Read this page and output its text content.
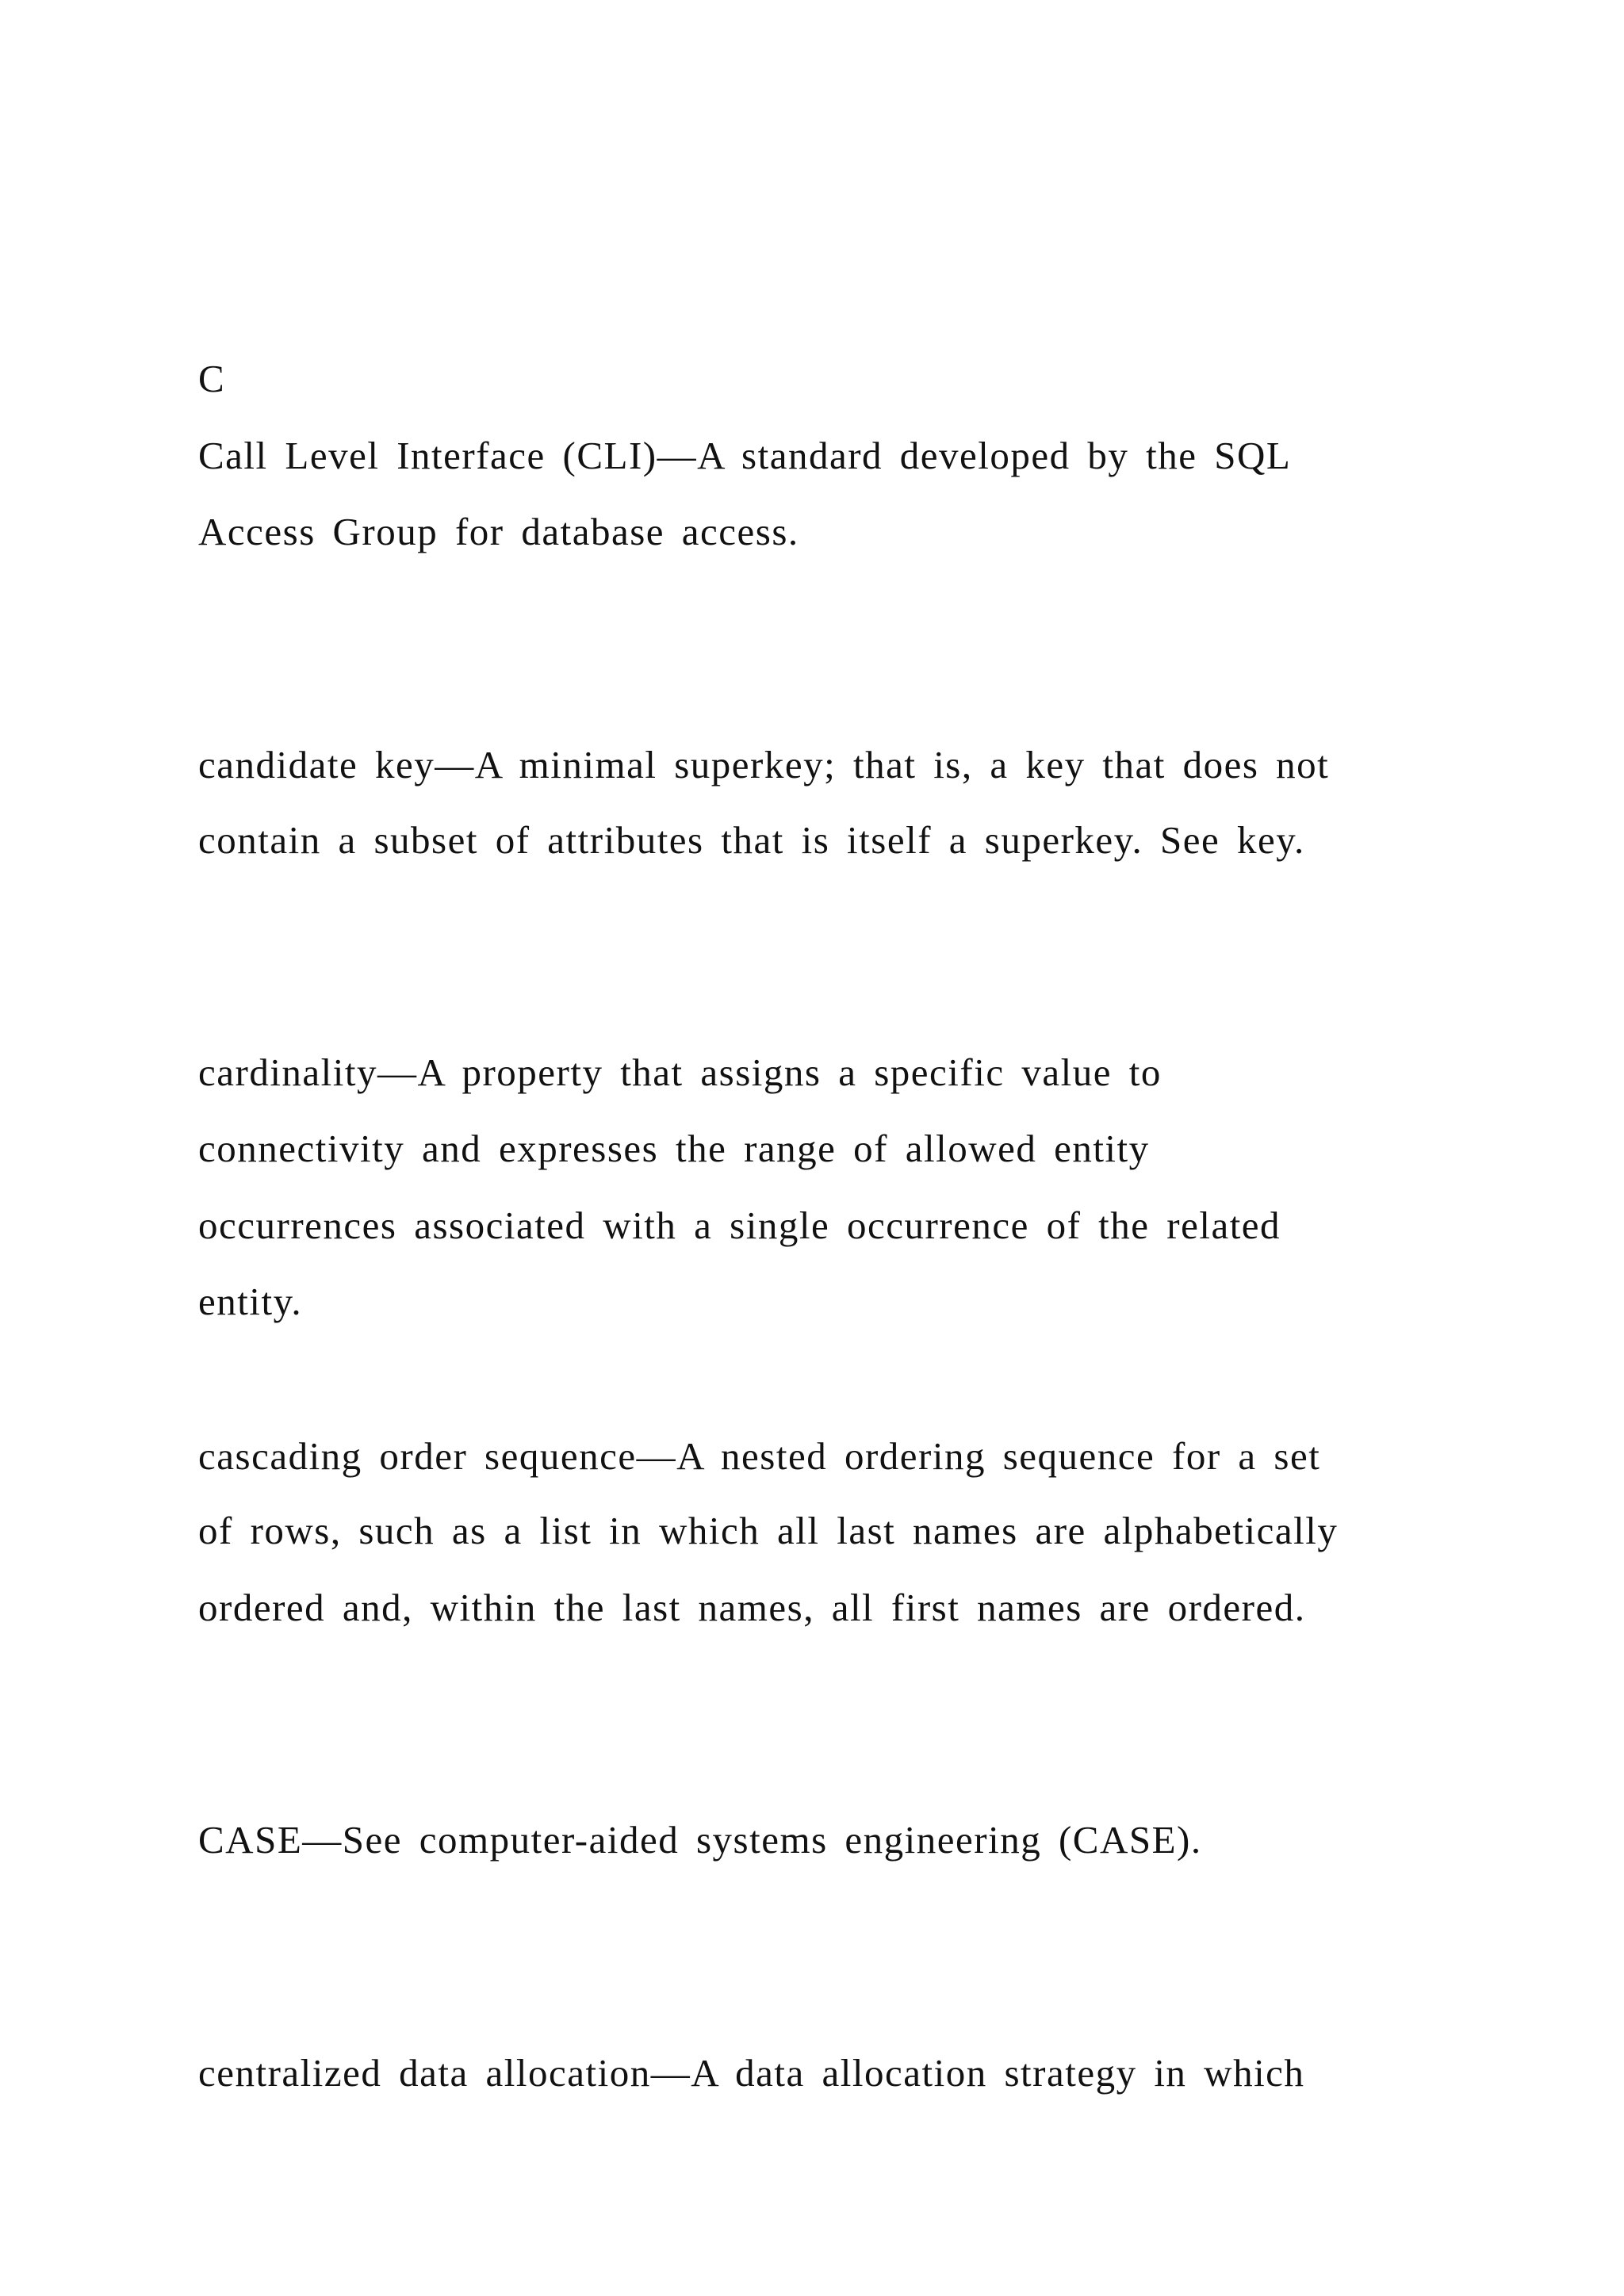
C
Call Level Interface (CLI)—A standard developed by the SQL
Access Group for database access.
candidate key—A minimal superkey; that is, a key that does not
contain a subset of attributes that is itself a superkey. See key.
cardinality—A property that assigns a specific value to
connectivity and expresses the range of allowed entity
occurrences associated with a single occurrence of the related
entity.
cascading order sequence—A nested ordering sequence for a set
of rows, such as a list in which all last names are alphabetically
ordered and, within the last names, all first names are ordered.
CASE—See computer-aided systems engineering (CASE).
centralized data allocation—A data allocation strategy in which
